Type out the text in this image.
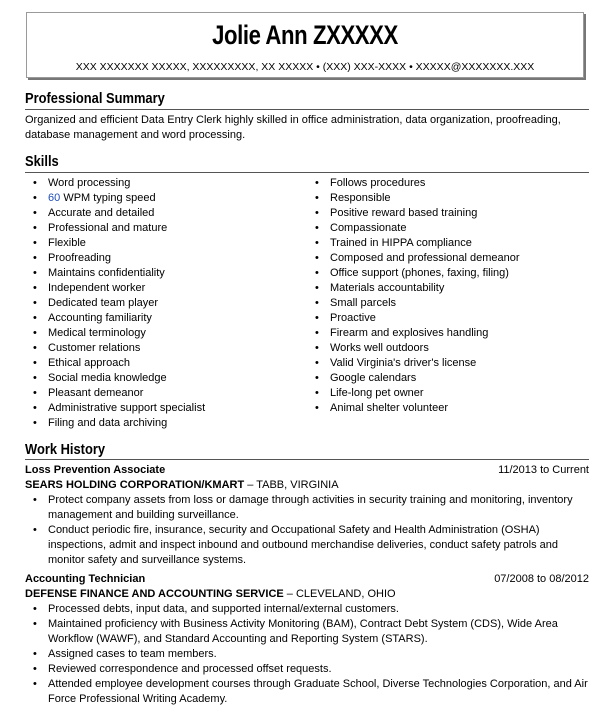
Jolie Ann ZXXXXX
XXX XXXXXXX XXXXX, XXXXXXXXX, XX XXXXX • (XXX) XXX-XXXX • XXXXX@XXXXXXX.XXX
Professional Summary
Organized and efficient Data Entry Clerk highly skilled in office administration, data organization, proofreading, database management and word processing.
Skills
• Word processing
• 60 WPM typing speed
• Accurate and detailed
• Professional and mature
• Flexible
• Proofreading
• Maintains confidentiality
• Independent worker
• Dedicated team player
• Accounting familiarity
• Medical terminology
• Customer relations
• Ethical approach
• Social media knowledge
• Pleasant demeanor
• Administrative support specialist
• Filing and data archiving
• Follows procedures
• Responsible
• Positive reward based training
• Compassionate
• Trained in HIPPA compliance
• Composed and professional demeanor
• Office support (phones, faxing, filing)
• Materials accountability
• Small parcels
• Proactive
• Firearm and explosives handling
• Works well outdoors
• Valid Virginia's driver's license
• Google calendars
• Life-long pet owner
• Animal shelter volunteer
Work History
Loss Prevention Associate	11/2013 to Current
SEARS HOLDING CORPORATION/KMART – TABB, VIRGINIA
• Protect company assets from loss or damage through activities in security training and monitoring, inventory management and building surveillance.
• Conduct periodic fire, insurance, security and Occupational Safety and Health Administration (OSHA) inspections, admit and inspect inbound and outbound merchandise deliveries, conduct safety patrols and monitor safety and surveillance systems.
Accounting Technician	07/2008 to 08/2012
DEFENSE FINANCE AND ACCOUNTING SERVICE – CLEVELAND, OHIO
• Processed debts, input data, and supported internal/external customers.
• Maintained proficiency with Business Activity Monitoring (BAM), Contract Debt System (CDS), Wide Area Workflow (WAWF), and Standard Accounting and Reporting System (STARS).
• Assigned cases to team members.
• Reviewed correspondence and processed offset requests.
• Attended employee development courses through Graduate School, Diverse Technologies Corporation, and Air Force Professional Writing Academy.
